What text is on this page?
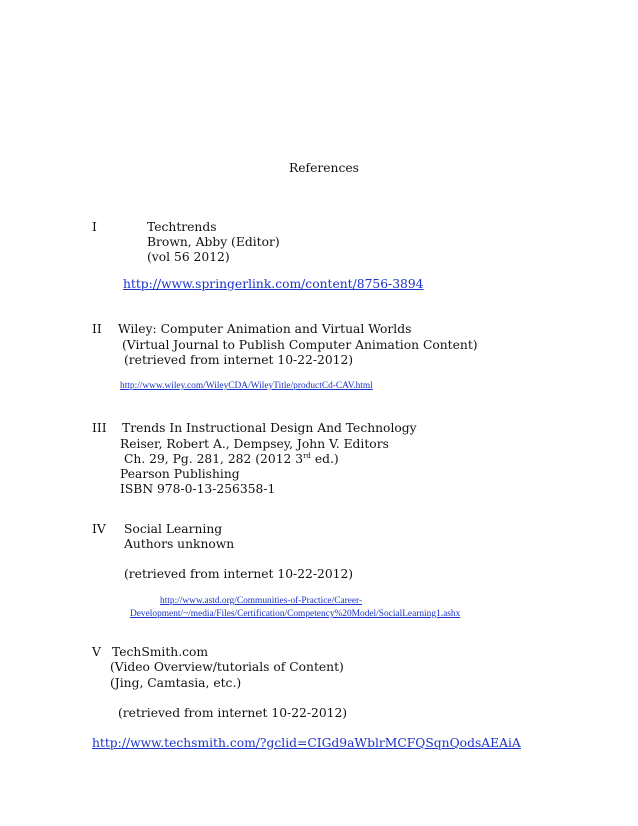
References
I	Techtrends
Brown, Abby (Editor)
(vol 56 2012)
http://www.springerlink.com/content/8756-3894
II Wiley: Computer Animation and Virtual Worlds
(Virtual Journal to Publish Computer Animation Content)
(retrieved from internet 10-22-2012)
http://www.wiley.com/WileyCDA/WileyTitle/productCd-CAV.html
III Trends In Instructional Design And Technology
Reiser, Robert A., Dempsey, John V. Editors
Ch. 29, Pg. 281, 282 (2012 3rd ed.)
Pearson Publishing
ISBN 978-0-13-256358-1
IV Social Learning
Authors unknown
(retrieved from internet 10-22-2012)
http://www.astd.org/Communities-of-Practice/Career-
Development/~/media/Files/Certification/Competency%20Model/SocialLearning1.ashx
V TechSmith.com
(Video Overview/tutorials of Content)
(Jing, Camtasia, etc.)
(retrieved from internet 10-22-2012)
http://www.techsmith.com/?gclid=CIGd9aWblrMCFQSqnQodsAEAiA
